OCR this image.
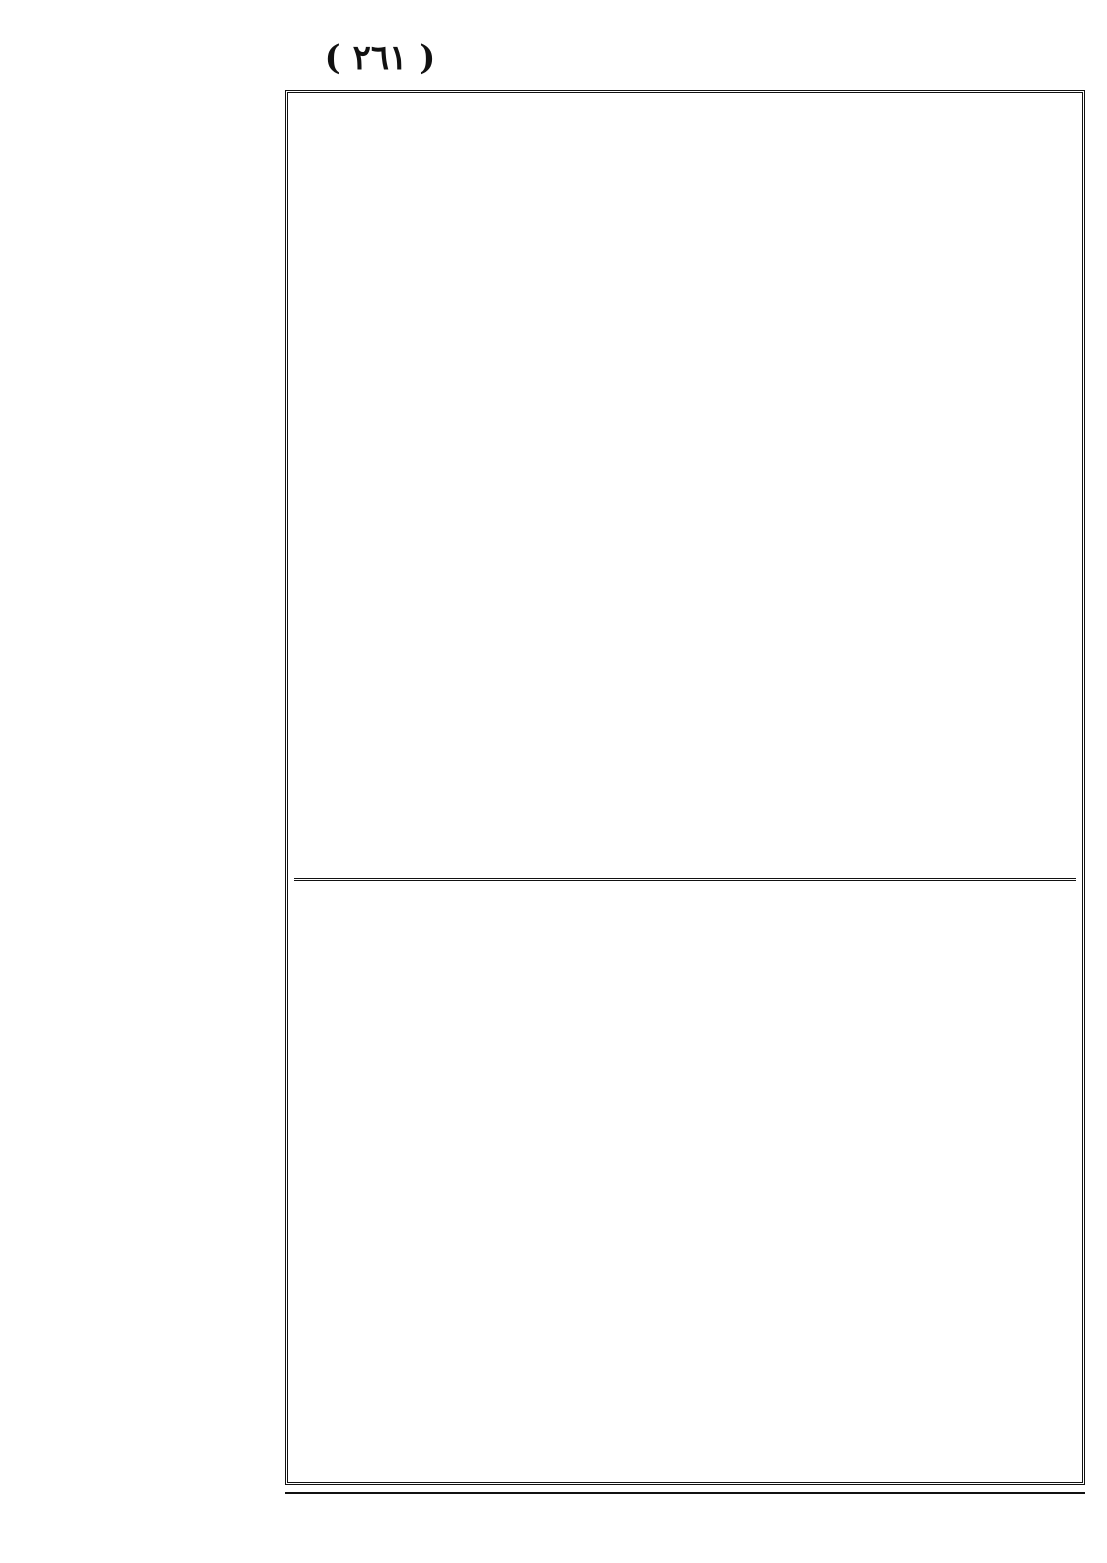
( ٢٦١ )
